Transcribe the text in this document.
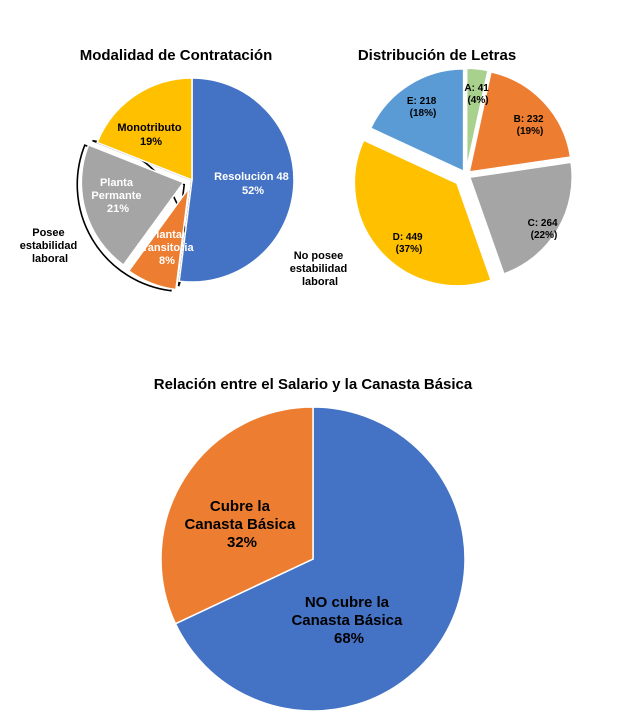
Modalidad de Contratación
Resolución 48 52%
Planta Transitoria 8%
Planta Permante 21%
Monotributo 19%
Posee estabilidad laboral	No posee estabilidad laboral
Distribución de Letras
A: 41 (4%)
B: 232 (19%)
C: 264 (22%)
D: 449 (37%)
E: 218 (18%)
Relación entre el Salario y la Canasta Básica
NO cubre la Canasta Básica 68%
Cubre la Canasta Básica 32%
